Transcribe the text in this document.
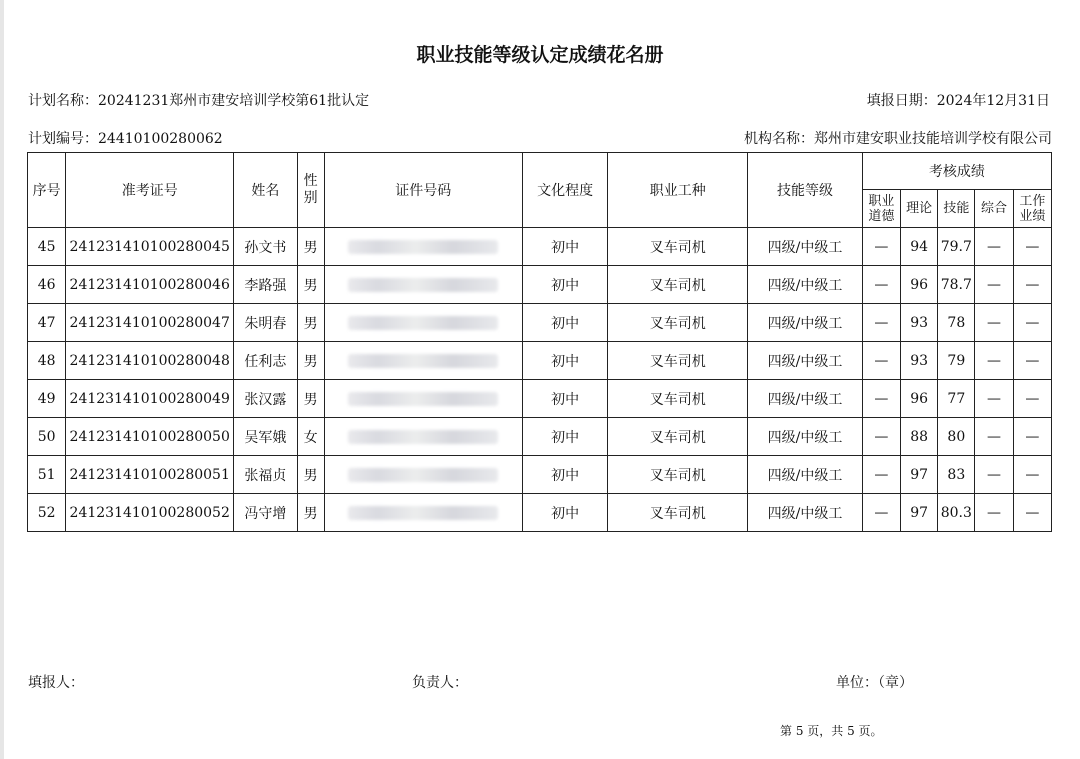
职业技能等级认定成绩花名册
计划名称：20241231郑州市建安培训学校第61批认定	填报日期：2024年12月31日
计划编号：24410100280062	机构名称：郑州市建安职业技能培训学校有限公司
序号	准考证号	姓名	性别	证件号码	文化程度	职业工种	技能等级	考核成绩				
								职业道德	理论	技能	综合	工作业绩
45	241231410100280045	孙文书	男		初中	叉车司机	四级/中级工	—	94	79.7	—	—
46	241231410100280046	李路强	男		初中	叉车司机	四级/中级工	—	96	78.7	—	—
47	241231410100280047	朱明春	男		初中	叉车司机	四级/中级工	—	93	78	—	—
48	241231410100280048	任利志	男		初中	叉车司机	四级/中级工	—	93	79	—	—
49	241231410100280049	张汉露	男		初中	叉车司机	四级/中级工	—	96	77	—	—
50	241231410100280050	吴军娥	女		初中	叉车司机	四级/中级工	—	88	80	—	—
51	241231410100280051	张福贞	男		初中	叉车司机	四级/中级工	—	97	83	—	—
52	241231410100280052	冯守增	男		初中	叉车司机	四级/中级工	—	97	80.3	—	—
填报人：	负责人：	单位：（章）
第 5 页，共 5 页。
